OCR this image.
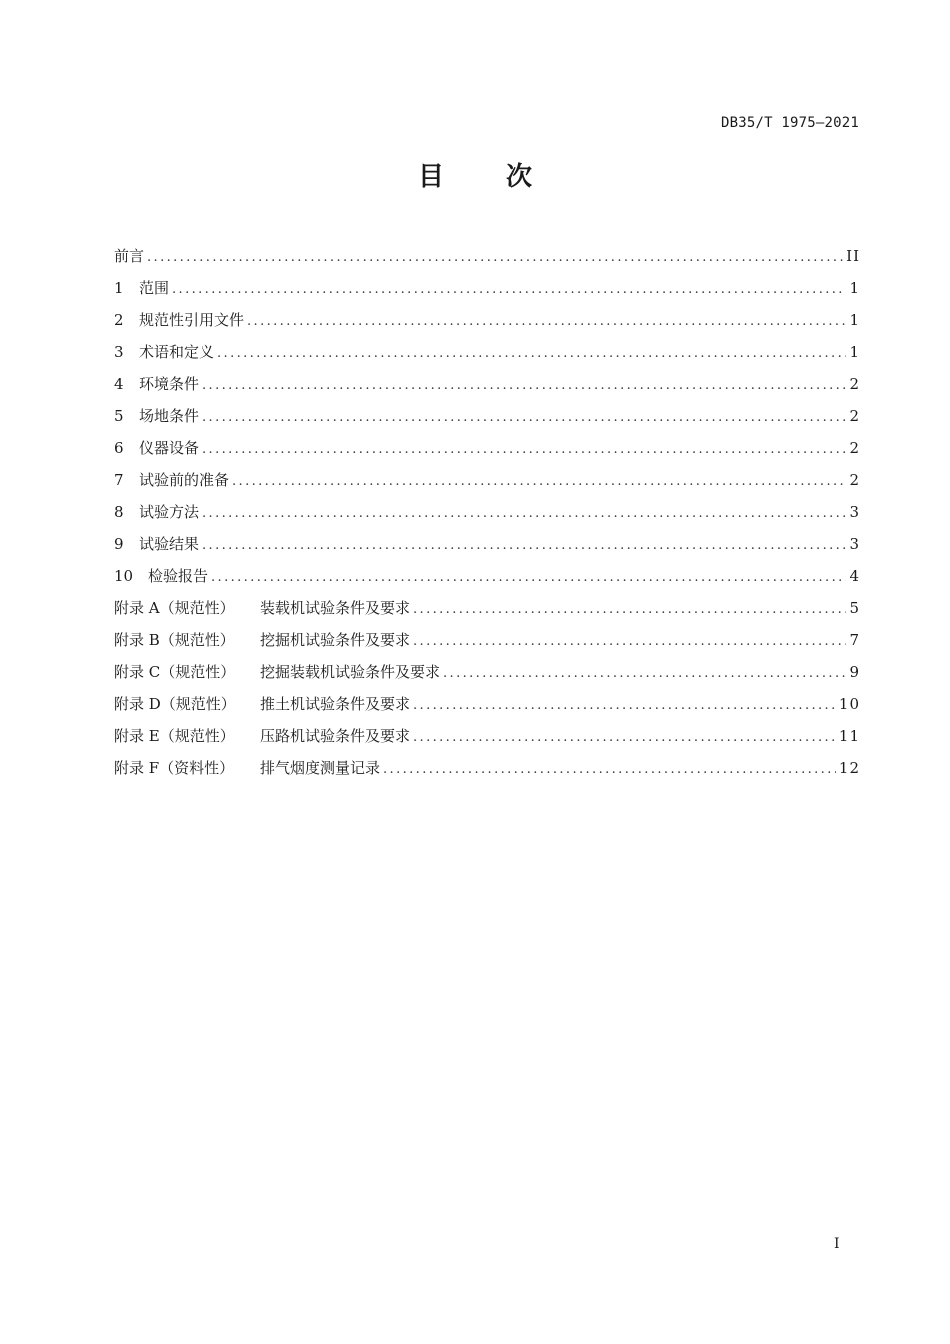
DB35/T 1975—2021
目次
前言 .....	II
1	范围 .....	1
2	规范性引用文件 .....	1
3	术语和定义 .....	1
4	环境条件 .....	2
5	场地条件 .....	2
6	仪器设备 .....	2
7	试验前的准备 .....	2
8	试验方法 .....	3
9	试验结果 .....	3
10 检验报告 .....	4
附录 A（规范性）	装载机试验条件及要求 .....	5
附录 B（规范性）	挖掘机试验条件及要求 .....	7
附录 C（规范性）	挖掘装载机试验条件及要求 .....	9
附录 D（规范性）	推土机试验条件及要求 .....	10
附录 E（规范性）	压路机试验条件及要求 .....	11
附录 F（资料性）	排气烟度测量记录 .....	12
I
